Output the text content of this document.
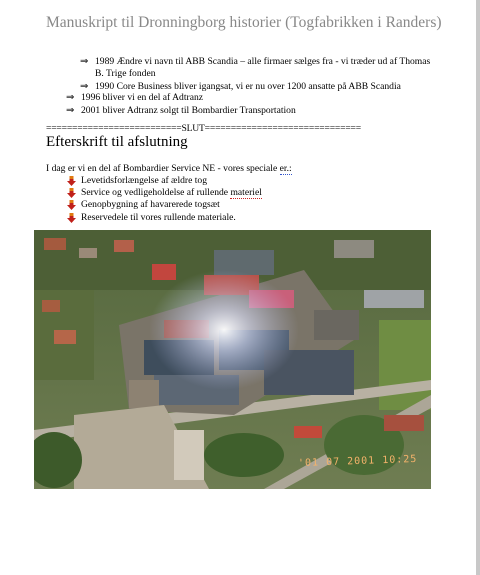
Manuskript til Dronningborg historier (Togfabrikken i Randers)
⇒ 1989 Ændre vi navn til ABB Scandia – alle firmaer sælges fra - vi træder ud af Thomas B. Trige fonden
⇒ 1990 Core Business bliver igangsat, vi er nu over 1200 ansatte på ABB Scandia
⇒ 1996 bliver vi en del af Adtranz
⇒ 2001 bliver Adtranz solgt til Bombardier Transportation
==========================SLUT==============================
Efterskrift til afslutning
I dag er vi en del af Bombardier Service NE - vores speciale er.:
Levetidsforlængelse af ældre tog
Service og vedligeholdelse af rullende materiel
Genopbygning af havarerede togsæt
Reservedele til vores rullende materiale.
'01 07 2001 10:25
